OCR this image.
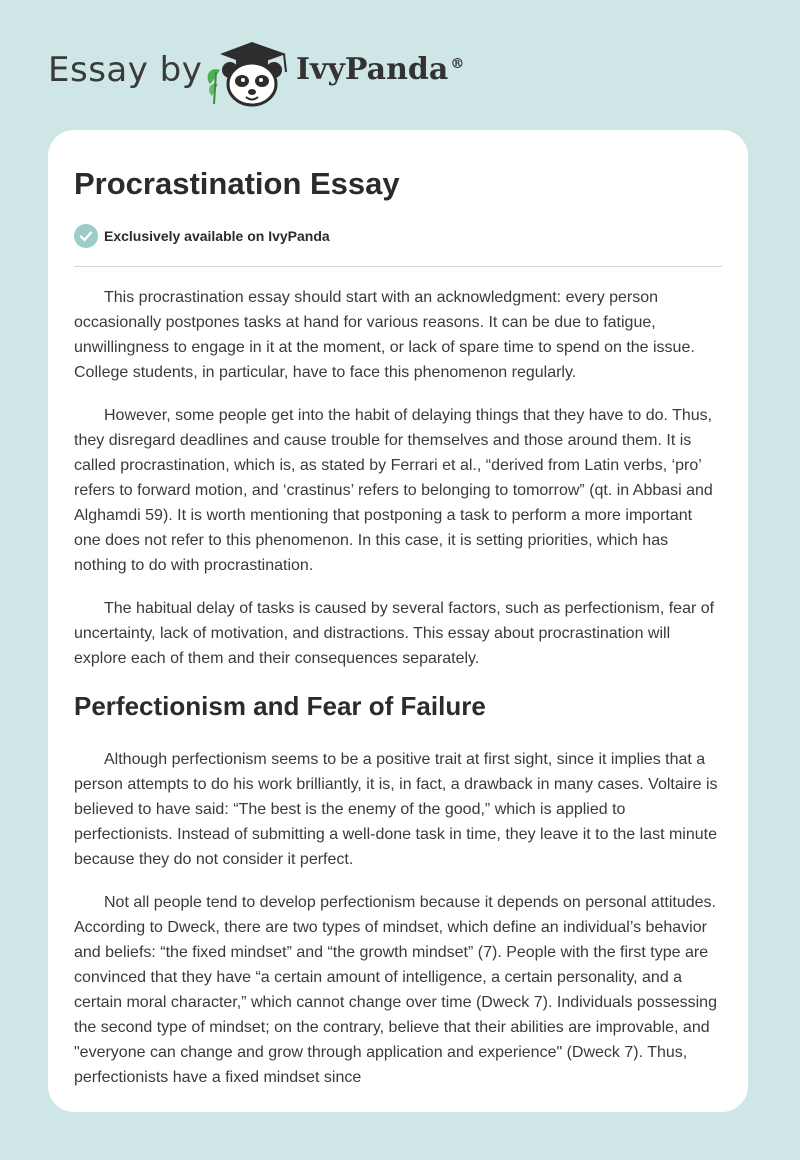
Essay by	IvyPanda ®
Procrastination Essay
Exclusively available on IvyPanda

This procrastination essay should start with an acknowledgment: every person occasionally postpones tasks at hand for various reasons. It can be due to fatigue, unwillingness to engage in it at the moment, or lack of spare time to spend on the issue. College students, in particular, have to face this phenomenon regularly.

However, some people get into the habit of delaying things that they have to do. Thus, they disregard deadlines and cause trouble for themselves and those around them. It is called procrastination, which is, as stated by Ferrari et al., “derived from Latin verbs, ‘pro’ refers to forward motion, and ‘crastinus’ refers to belonging to tomorrow” (qt. in Abbasi and Alghamdi 59). It is worth mentioning that postponing a task to perform a more important one does not refer to this phenomenon. In this case, it is setting priorities, which has nothing to do with procrastination.

The habitual delay of tasks is caused by several factors, such as perfectionism, fear of uncertainty, lack of motivation, and distractions. This essay about procrastination will explore each of them and their consequences separately.

Perfectionism and Fear of Failure

Although perfectionism seems to be a positive trait at first sight, since it implies that a person attempts to do his work brilliantly, it is, in fact, a drawback in many cases. Voltaire is believed to have said: “The best is the enemy of the good,” which is applied to perfectionists. Instead of submitting a well-done task in time, they leave it to the last minute because they do not consider it perfect.

Not all people tend to develop perfectionism because it depends on personal attitudes. According to Dweck, there are two types of mindset, which define an individual’s behavior and beliefs: “the fixed mindset” and “the growth mindset” (7). People with the first type are convinced that they have “a certain amount of intelligence, a certain personality, and a certain moral character,” which cannot change over time (Dweck 7). Individuals possessing the second type of mindset; on the contrary, believe that their abilities are improvable, and "everyone can change and grow through application and experience" (Dweck 7). Thus, perfectionists have a fixed mindset since
